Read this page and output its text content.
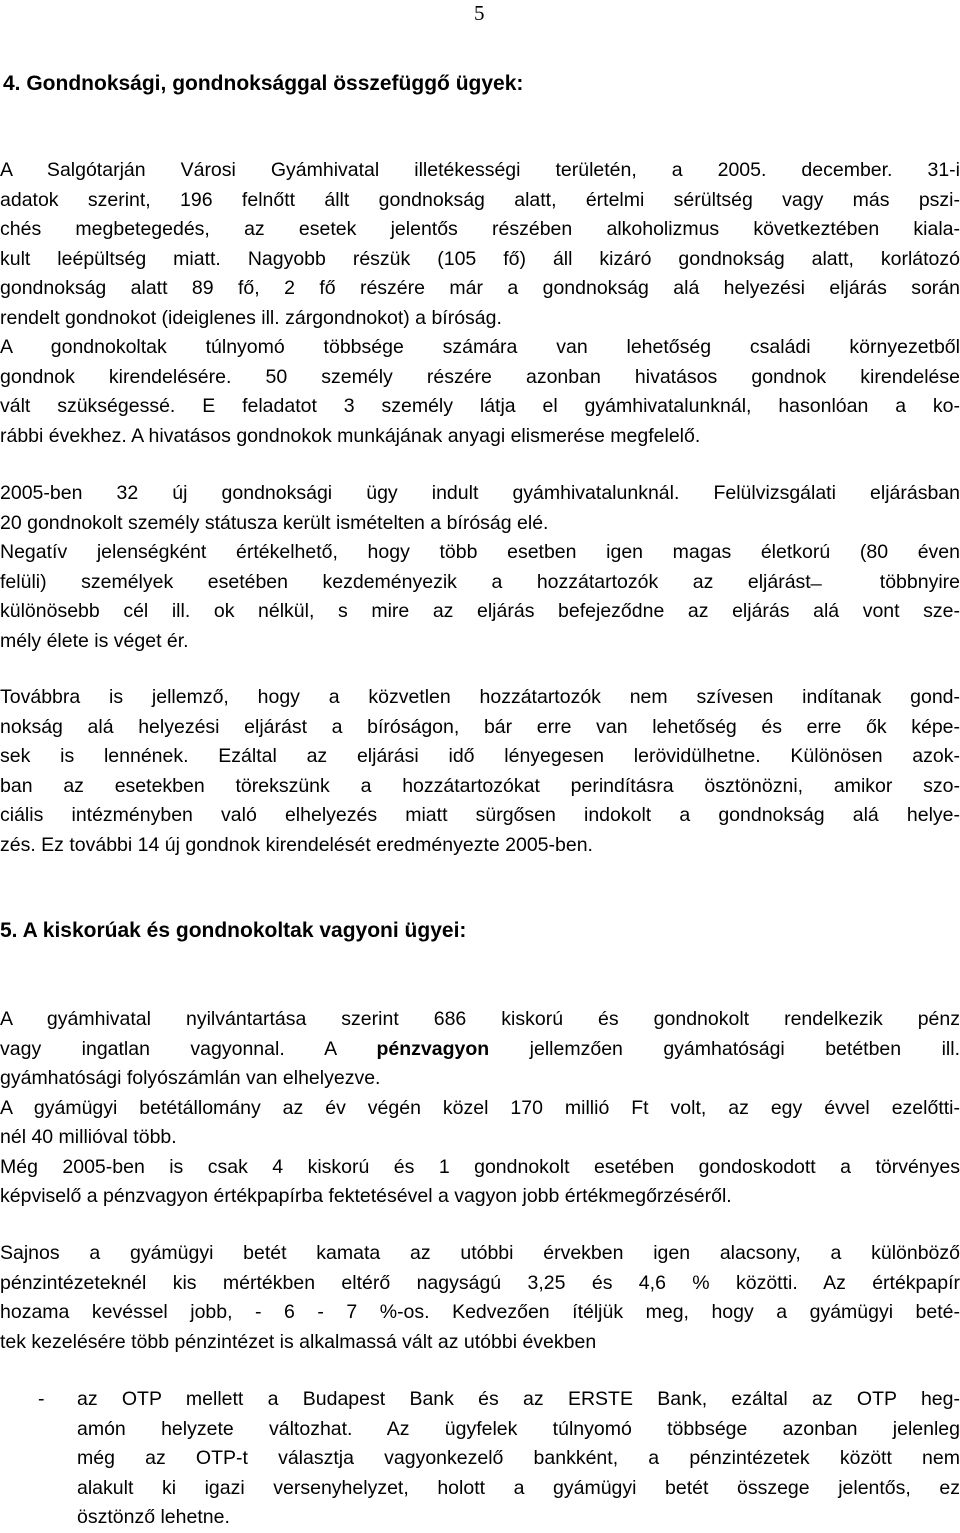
5
4. Gondnoksági, gondnoksággal összefüggő ügyek:
A Salgótarján Városi Gyámhivatal illetékességi területén, a 2005. december. 31-i
adatok szerint, 196 felnőtt állt gondnokság alatt, értelmi sérültség vagy más pszi-
chés megbetegedés, az esetek jelentős részében alkoholizmus következtében kiala-
kult leépültség miatt. Nagyobb részük (105 fő) áll kizáró gondnokság alatt, korlátozó
gondnokság alatt 89 fő, 2 fő részére már a gondnokság alá helyezési eljárás során
rendelt gondnokot (ideiglenes ill. zárgondnokot) a bíróság.
A gondnokoltak túlnyomó többsége számára van lehetőség családi környezetből
gondnok kirendelésére. 50 személy részére azonban hivatásos gondnok kirendelése
vált szükségessé. E feladatot 3 személy látja el gyámhivatalunknál, hasonlóan a ko-
rábbi évekhez. A hivatásos gondnokok munkájának anyagi elismerése megfelelő.
2005-ben 32 új gondnoksági ügy indult gyámhivatalunknál. Felülvizsgálati eljárásban
20 gondnokolt személy státusza került ismételten a bíróság elé.
Negatív jelenségként értékelhető, hogy több esetben igen magas életkorú (80 éven
felüli) személyek esetében kezdeményezik a hozzátartozók az eljárást ̶ többnyire
különösebb cél ill. ok nélkül, s mire az eljárás befejeződne az eljárás alá vont sze-
mély élete is véget ér.
Továbbra is jellemző, hogy a közvetlen hozzátartozók nem szívesen indítanak gond-
nokság alá helyezési eljárást a bíróságon, bár erre van lehetőség és erre ők képe-
sek is lennének. Ezáltal az eljárási idő lényegesen lerövidülhetne. Különösen azok-
ban az esetekben törekszünk a hozzátartozókat perindításra ösztönözni, amikor szo-
ciális intézményben való elhelyezés miatt sürgősen indokolt a gondnokság alá helye-
zés. Ez további 14 új gondnok kirendelését eredményezte 2005-ben.
5. A kiskorúak és gondnokoltak vagyoni ügyei:
A gyámhivatal nyilvántartása szerint 686 kiskorú és gondnokolt rendelkezik pénz
vagy ingatlan vagyonnal. A pénzvagyon jellemzően gyámhatósági betétben ill.
gyámhatósági folyószámlán van elhelyezve.
A gyámügyi betétállomány az év végén közel 170 millió Ft volt, az egy évvel ezelőtti-
nél 40 millióval több.
Még 2005-ben is csak 4 kiskorú és 1 gondnokolt esetében gondoskodott a törvényes
képviselő a pénzvagyon értékpapírba fektetésével a vagyon jobb értékmegőrzéséről.
Sajnos a gyámügyi betét kamata az utóbbi érvekben igen alacsony, a különböző
pénzintézeteknél kis mértékben eltérő nagyságú 3,25 és 4,6 % közötti. Az értékpapír
hozama kevéssel jobb, - 6 - 7 %-os. Kedvezően ítéljük meg, hogy a gyámügyi beté-
tek kezelésére több pénzintézet is alkalmassá vált az utóbbi években
- az OTP mellett a Budapest Bank és az ERSTE Bank, ezáltal az OTP heg-
amón helyzete változhat. Az ügyfelek túlnyomó többsége azonban jelenleg
még az OTP-t választja vagyonkezelő bankként, a pénzintézetek között nem
alakult ki igazi versenyhelyzet, holott a gyámügyi betét összege jelentős, ez
ösztönző lehetne.
